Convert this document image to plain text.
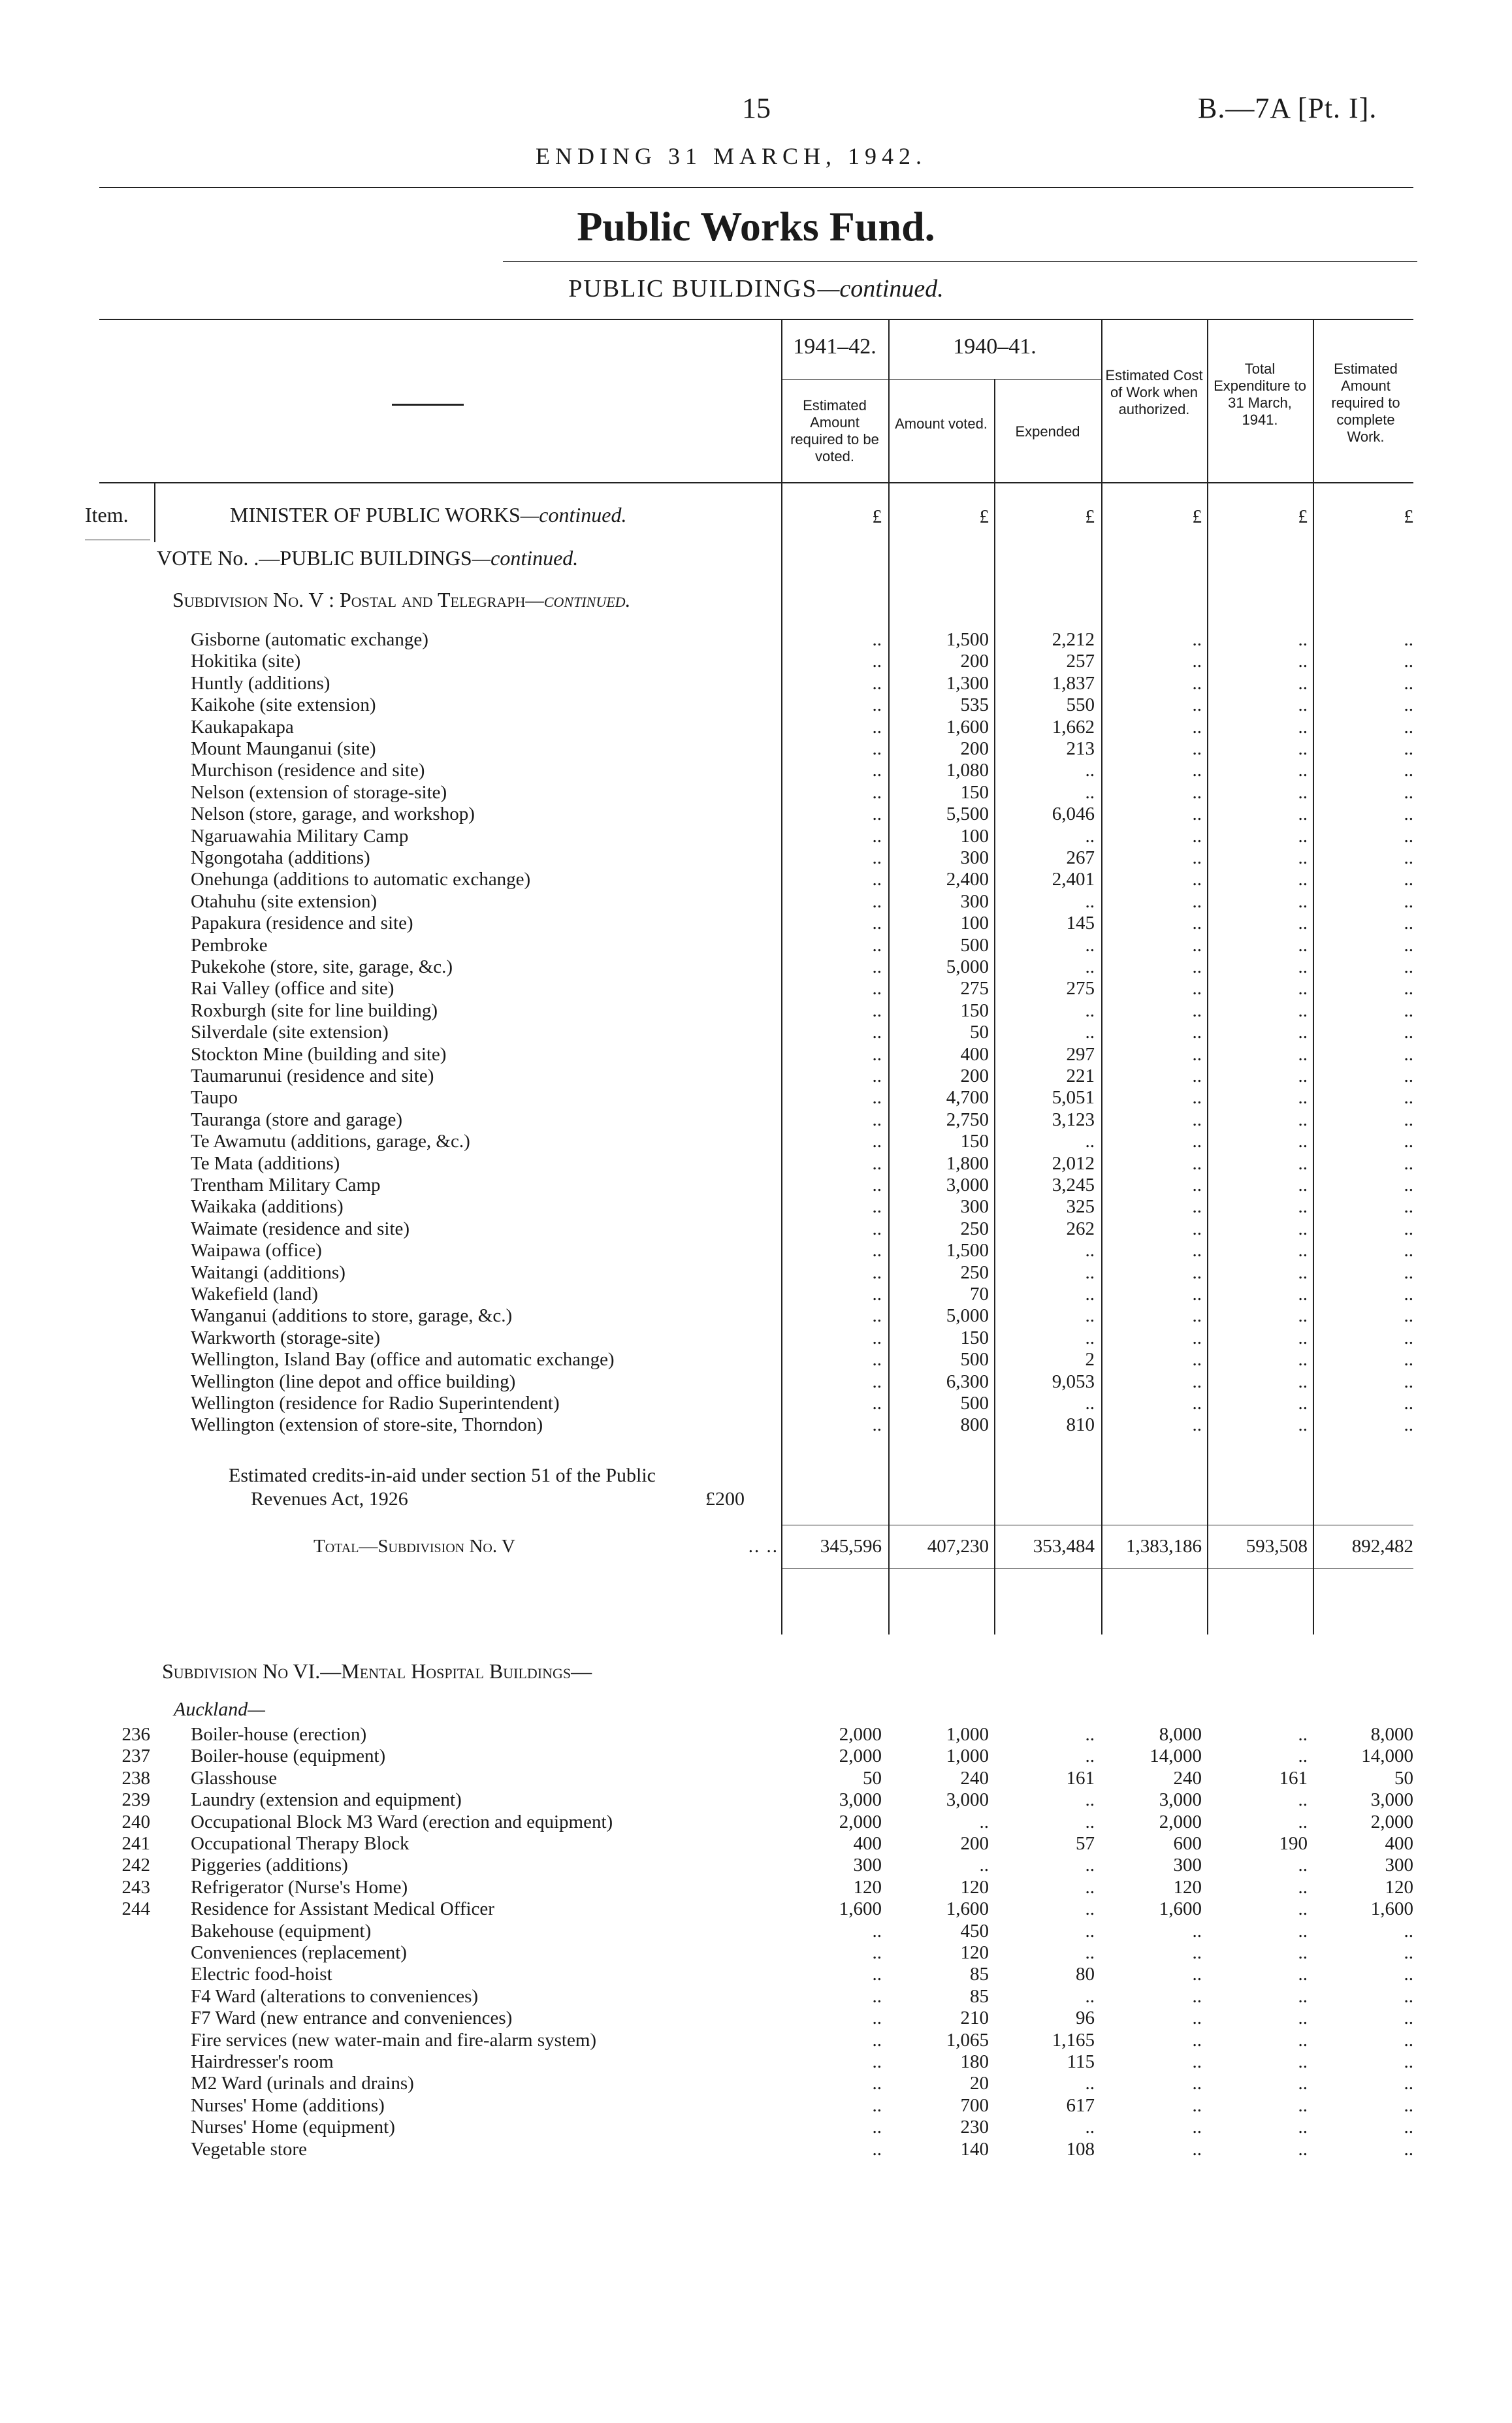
15	B.—7A [Pt. I].
ENDING 31 MARCH, 1942.
Public Works Fund.
PUBLIC BUILDINGS—continued.
1941–42.	1940–41.
Estimated Amount required to be voted.
Amount voted.	Expended
Estimated Cost of Work when authorized.
Total Expenditure to 31 March, 1941.
Estimated Amount required to complete Work.
Item.	MINISTER OF PUBLIC WORKS—continued.	£	£	£	£	£	£
VOTE No. .—PUBLIC BUILDINGS—continued.
Subdivision No. V : Postal and Telegraph—continued.
Gisborne (automatic exchange)	..	1,500	2,212	..	..	..
Hokitika (site)	..	200	257	..	..	..
Huntly (additions)	..	1,300	1,837	..	..	..
Kaikohe (site extension)	..	535	550	..	..	..
Kaukapakapa	..	1,600	1,662	..	..	..
Mount Maunganui (site)	..	200	213	..	..	..
Murchison (residence and site)	..	1,080	..	..	..	..
Nelson (extension of storage-site)	..	150	..	..	..	..
Nelson (store, garage, and workshop)	..	5,500	6,046	..	..	..
Ngaruawahia Military Camp	..	100	..	..	..	..
Ngongotaha (additions)	..	300	267	..	..	..
Onehunga (additions to automatic exchange)	..	2,400	2,401	..	..	..
Otahuhu (site extension)	..	300	..	..	..	..
Papakura (residence and site)	..	100	145	..	..	..
Pembroke	..	500	..	..	..	..
Pukekohe (store, site, garage, &c.)	..	5,000	..	..	..	..
Rai Valley (office and site)	..	275	275	..	..	..
Roxburgh (site for line building)	..	150	..	..	..	..
Silverdale (site extension)	..	50	..	..	..	..
Stockton Mine (building and site)	..	400	297	..	..	..
Taumarunui (residence and site)	..	200	221	..	..	..
Taupo	..	4,700	5,051	..	..	..
Tauranga (store and garage)	..	2,750	3,123	..	..	..
Te Awamutu (additions, garage, &c.)	..	150	..	..	..	..
Te Mata (additions)	..	1,800	2,012	..	..	..
Trentham Military Camp	..	3,000	3,245	..	..	..
Waikaka (additions)	..	300	325	..	..	..
Waimate (residence and site)	..	250	262	..	..	..
Waipawa (office)	..	1,500	..	..	..	..
Waitangi (additions)	..	250	..	..	..	..
Wakefield (land)	..	70	..	..	..	..
Wanganui (additions to store, garage, &c.)	..	5,000	..	..	..	..
Warkworth (storage-site)	..	150	..	..	..	..
Wellington, Island Bay (office and automatic exchange)	..	500	2	..	..	..
Wellington (line depot and office building)	..	6,300	9,053	..	..	..
Wellington (residence for Radio Superintendent)	..	500	..	..	..	..
Wellington (extension of store-site, Thorndon)	..	800	810	..	..	..
Estimated credits-in-aid under section 51 of the Public
Revenues Act, 1926	£200
Total—Subdivision No. V	.. ..	345,596	407,230	353,484	1,383,186	593,508	892,482
Subdivision No VI.—Mental Hospital Buildings—
Auckland—
236 Boiler-house (erection)	2,000	1,000	..	8,000	..	8,000
237 Boiler-house (equipment)	2,000	1,000	..	14,000	..	14,000
238 Glasshouse	50	240	161	240	161	50
239 Laundry (extension and equipment)	3,000	3,000	..	3,000	..	3,000
240 Occupational Block M3 Ward (erection and equipment)	2,000	..	..	2,000	..	2,000
241 Occupational Therapy Block	400	200	57	600	190	400
242 Piggeries (additions)	300	..	..	300	..	300
243 Refrigerator (Nurse's Home)	120	120	..	120	..	120
244 Residence for Assistant Medical Officer	1,600	1,600	..	1,600	..	1,600
Bakehouse (equipment)	..	450	..	..	..	..
Conveniences (replacement)	..	120	..	..	..	..
Electric food-hoist	..	85	80	..	..	..
F4 Ward (alterations to conveniences)	..	85	..	..	..	..
F7 Ward (new entrance and conveniences)	..	210	96	..	..	..
Fire services (new water-main and fire-alarm system)	..	1,065	1,165	..	..	..
Hairdresser's room	..	180	115	..	..	..
M2 Ward (urinals and drains)	..	20	..	..	..	..
Nurses' Home (additions)	..	700	617	..	..	..
Nurses' Home (equipment)	..	230	..	..	..	..
Vegetable store	..	140	108	..	..	..
